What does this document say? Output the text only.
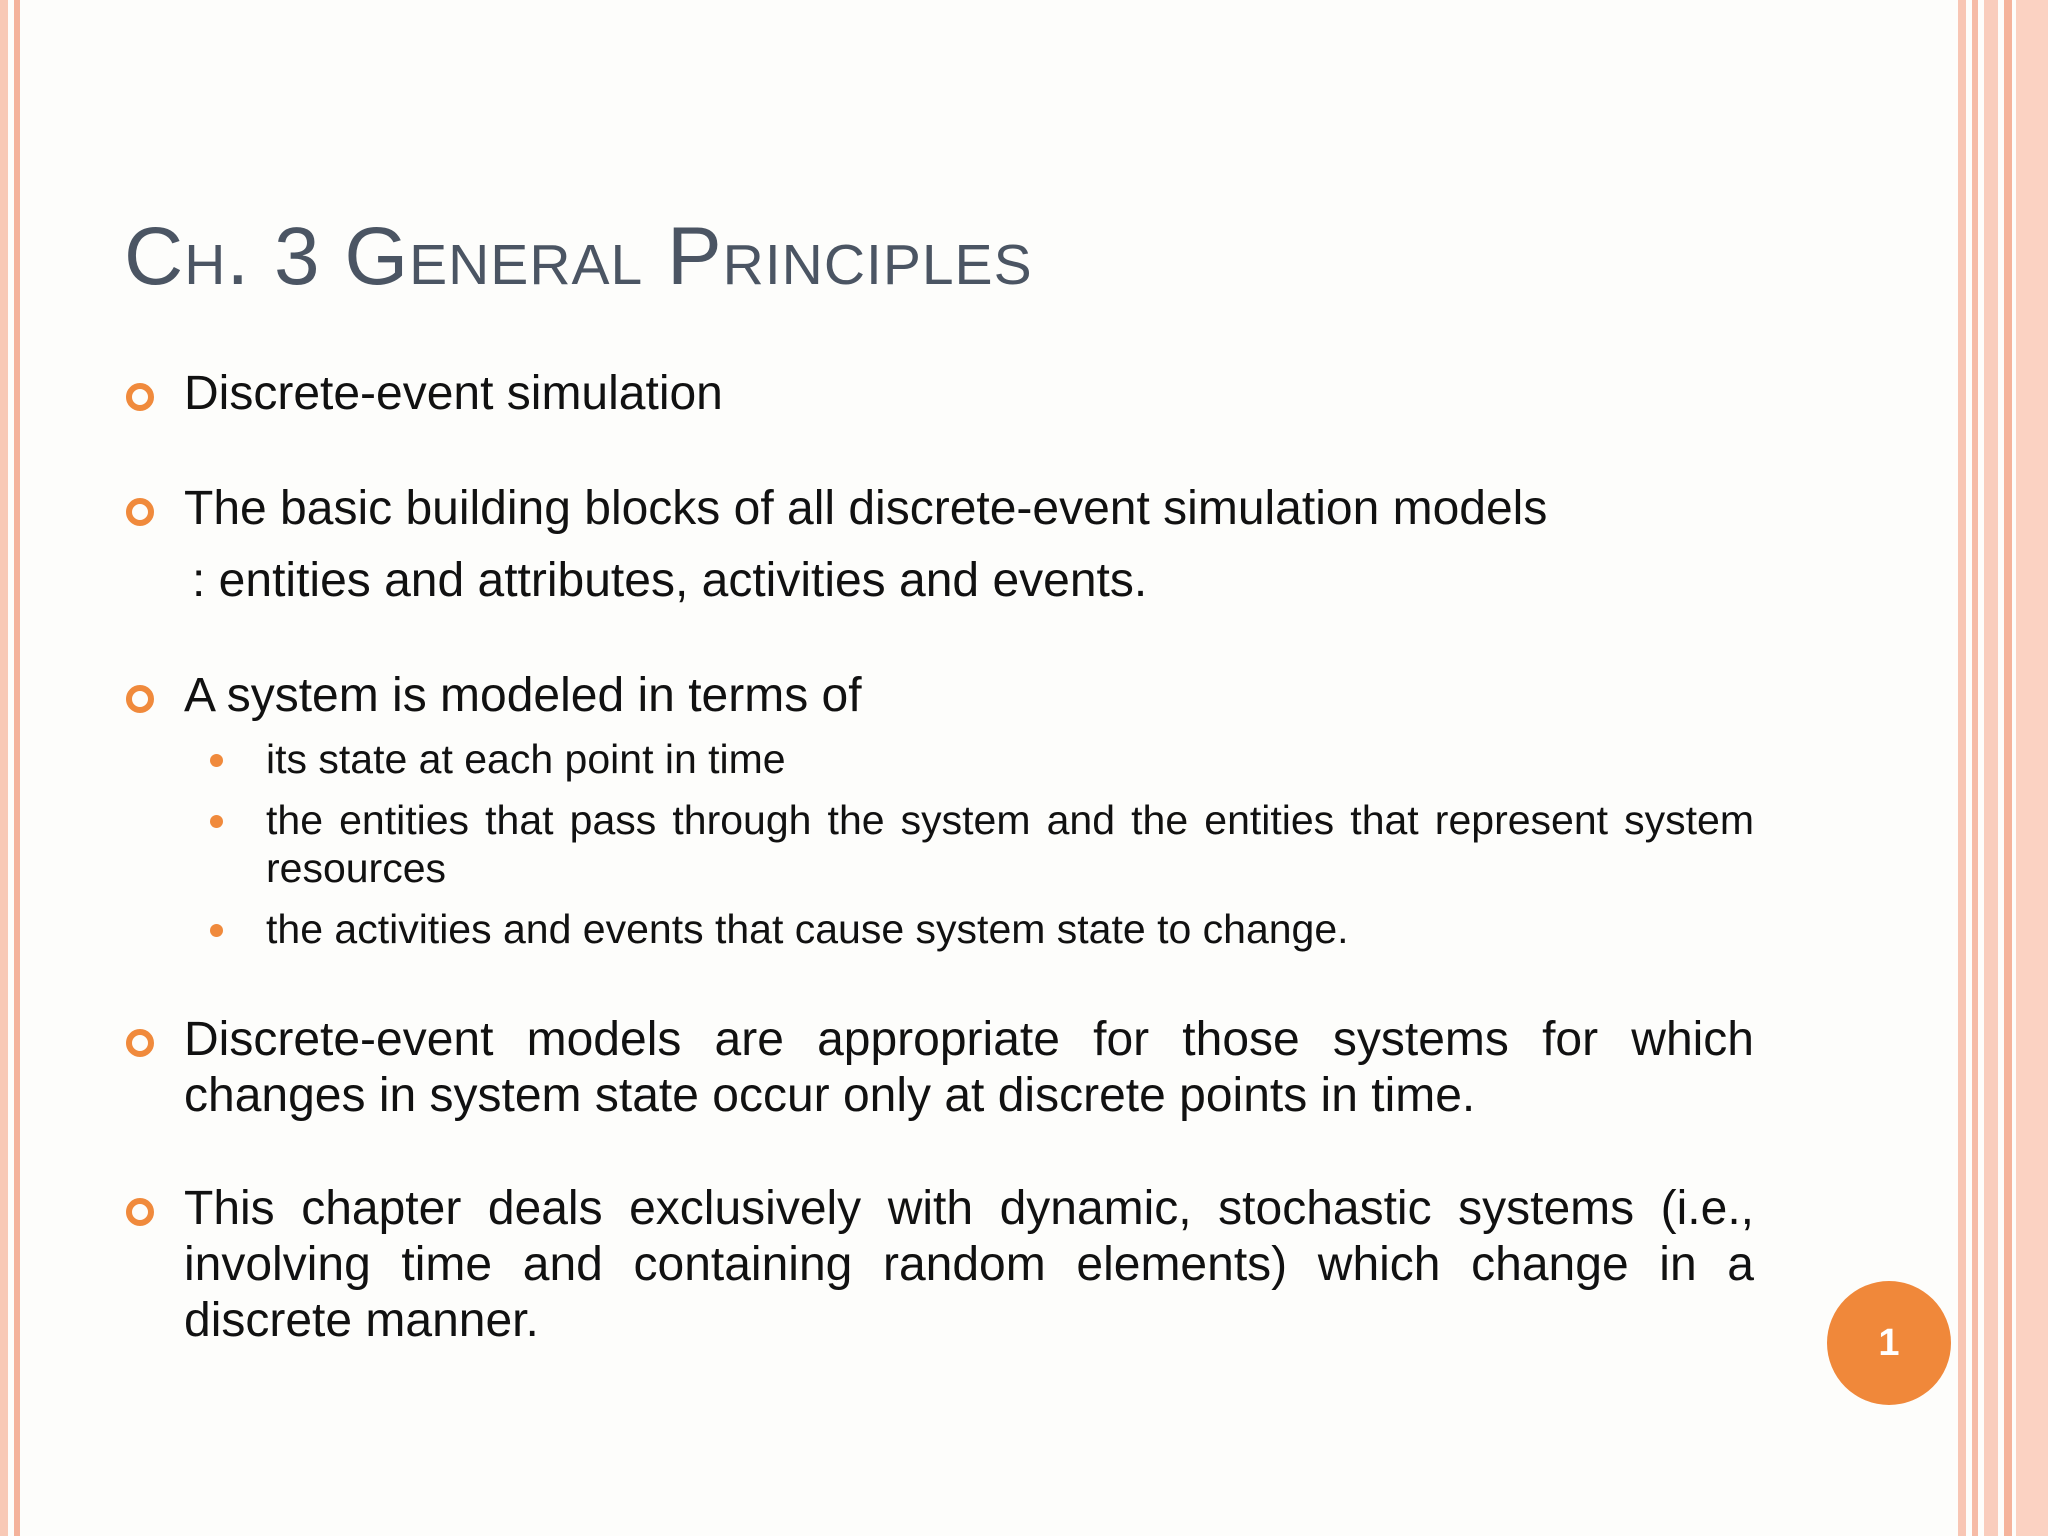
Ch. 3 General Principles
Discrete-event simulation
The basic building blocks of all discrete-event simulation models
: entities and attributes, activities and events.
A system is modeled in terms of
its state at each point in time
the entities that pass through the system and the entities that represent system resources
the activities and events that cause system state to change.
Discrete-event models are appropriate for those systems for which changes in system state occur only at discrete points in time.
This chapter deals exclusively with dynamic, stochastic systems (i.e., involving time and containing random elements) which change in a discrete manner.	1
